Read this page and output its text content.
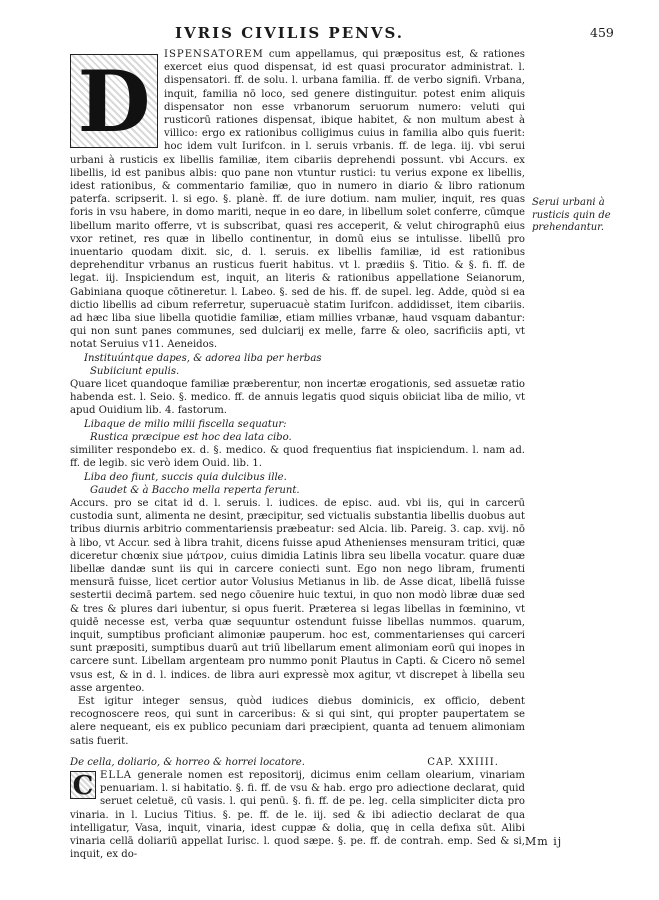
IVRIS CIVILIS PENVS.	459
Serui urbani à rusticis quin de prehendantur.

D	ISPENSATOREM cum appellamus, qui præpositus est, & rationes exercet eius quod dispensat, id est quasi procurator administrat. l. dispensatori. ff. de solu. l. urbana familia. ff. de verbo signifi. Vrbana, inquit, familia nō loco, sed genere distinguitur. potest enim aliquis dispensator non esse vrbanorum seruorum numero: veluti qui rusticorū rationes dispensat, ibique habitet, & non multum abest à villico: ergo ex rationibus colligimus cuius in familia albo quis fuerit: hoc idem vult Iurifcon. in l. seruis vrbanis. ff. de lega. iij. vbi serui urbani à rusticis ex libellis familiæ, item cibariis deprehendi possunt. vbi Accurs. ex libellis, id est panibus albis: quo pane non vtuntur rustici: tu verius expone ex libellis, idest rationibus, & commentario familiæ, quo in numero in diario & libro rationum paterfa. scripserit. l. si ego. §. planè. ff. de iure dotium. nam mulier, inquit, res quas foris in vsu habere, in domo mariti, neque in eo dare, in libellum solet conferre, cūmque libellum marito offerre, vt is subscribat, quasi res acceperit, & velut chirographū eius vxor retinet, res quæ in libello continentur, in domū eius se intulisse. libellū pro inuentario quodam dixit. sic, d. l. seruis. ex libellis familiæ, id est rationibus deprehenditur vrbanus an rusticus fuerit habitus. vt l. prædiis §. Titio. & §. fi. ff. de legat. iij. Inspiciendum est, inquit, an literis & rationibus appellatione Seianorum, Gabiniana quoque cōtineretur. l. Labeo. §. sed de his. ff. de supel. leg. Adde, quòd si ea dictio libellis ad cibum referretur, superuacuè statim Iurifcon. addidisset, item cibariis. ad hæc liba siue libella quotidie familiæ, etiam millies vrbanæ, haud vsquam dabantur: qui non sunt panes communes, sed dulciarij ex melle, farre & oleo, sacrificiis apti, vt notat Seruius v11. Aeneidos.

Instituúntque dapes, & adorea liba per herbas

Subiiciunt epulis.

Quare licet quandoque familiæ præberentur, non incertæ erogationis, sed assuetæ ratio habenda est. l. Seio. §. medico. ff. de annuis legatis quod siquis obiiciat liba de milio, vt apud Ouidium lib. 4. fastorum.

Libaque de milio milii fiscella sequatur:

Rustica præcipue est hoc dea lata cibo.

similiter respondebo ex. d. §. medico. & quod frequentius fiat inspiciendum. l. nam ad. ff. de legib. sic verò idem Ouid. lib. 1.

Liba deo fiunt, succis quia dulcibus ille.

Gaudet & à Baccho mella reperta ferunt.

Accurs. pro se citat id d. l. seruis. l. iudices. de episc. aud. vbi iis, qui in carcerū custodia sunt, alimenta ne desint, præcipitur, sed victualis substantia libellis duobus aut tribus diurnis arbitrio commentariensis præbeatur: sed Alcia. lib. Pareig. 3. cap. xvij. nō à libo, vt Accur. sed à libra trahit, dicens fuisse apud Athenienses mensuram tritici, quæ diceretur chœnix siue μάτρον, cuius dimidia Latinis libra seu libella vocatur. quare duæ libellæ dandæ sunt iis qui in carcere coniecti sunt. Ego non nego libram, frumenti mensurā fuisse, licet certior autor Volusius Metianus in lib. de Asse dicat, libellā fuisse sestertii decimā partem. sed nego cōuenire huic textui, in quo non modò libræ duæ sed & tres & plures dari iubentur, si opus fuerit. Præterea si legas libellas in fœminino, vt quidē necesse est, verba quæ sequuntur ostendunt fuisse libellas nummos. quarum, inquit, sumptibus proficiant alimoniæ pauperum. hoc est, commentarienses qui carceri sunt præpositi, sumptibus duarū aut triū libellarum ement alimoniam eorū qui inopes in carcere sunt. Libellam argenteam pro nummo ponit Plautus in Capti. & Cicero nō semel vsus est, & in d. l. indices. de libra auri expressè mox agitur, vt discrepet à libella seu asse argenteo.

Est igitur integer sensus, quòd iudices diebus dominicis, ex officio, debent recognoscere reos, qui sunt in carceribus: & si qui sint, qui propter paupertatem se alere nequeant, eis ex publico pecuniam dari præcipient, quanta ad tenuem alimoniam satis fuerit.

De cella, doliario, & horreo & horrei locatore.	CAP. XXIIII.

C ELLA generale nomen est repositorij, dicimus enim cellam olearium, vinariam penuariam. l. si habitatio. §. fi. ff. de vsu & hab. ergo pro adiectione declarat, quid seruet celetuë, cū vasis. l. qui penū. §. fi. ff. de pe. leg. cella simpliciter dicta pro vinaria. in l. Lucius Titius. §. pe. ff. de le. iij. sed & ibi adiectio declarat de qua intelligatur, Vasa, inquit, vinaria, idest cuppæ & dolia, quę in cella defixa sūt. Alibi vinaria cellā doliariū appellat Iurisc. l. quod sæpe. §. pe. ff. de contrah. emp. Sed & si, inquit, ex do-

Mm ij
